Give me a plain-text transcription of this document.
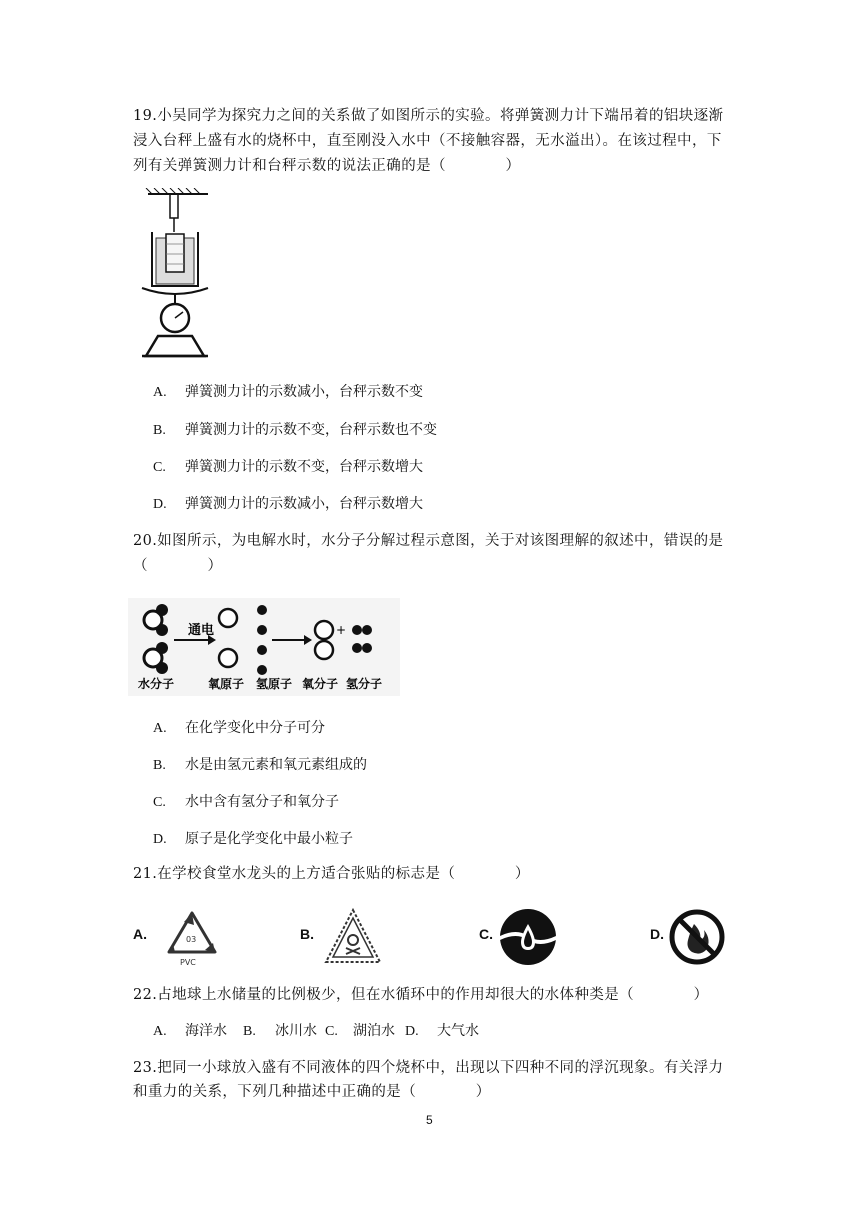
19.小吴同学为探究力之间的关系做了如图所示的实验。将弹簧测力计下端吊着的铝块逐渐
浸入台秤上盛有水的烧杯中，直至刚没入水中（不接触容器，无水溢出）。在该过程中，下
列有关弹簧测力计和台秤示数的说法正确的是（　　　　）
A. 弹簧测力计的示数减小，台秤示数不变
B. 弹簧测力计的示数不变，台秤示数也不变
C. 弹簧测力计的示数不变，台秤示数增大
D. 弹簧测力计的示数减小，台秤示数增大
20.如图所示，为电解水时，水分子分解过程示意图，关于对该图理解的叙述中，错误的是
（　　　　）
通电	+
水分子	氧原子 氢原子 氧分子 氢分子
A. 在化学变化中分子可分
B. 水是由氢元素和氧元素组成的
C. 水中含有氢分子和氧分子
D. 原子是化学变化中最小粒子
21.在学校食堂水龙头的上方适合张贴的标志是（　　　　）
A.	03
PVC
B.	C.	D.
22.占地球上水储量的比例极少，但在水循环中的作用却很大的水体种类是（　　　　）
A. 海洋水 B. 冰川水 C. 湖泊水 D. 大气水
23.把同一小球放入盛有不同液体的四个烧杯中，出现以下四种不同的浮沉现象。有关浮力
和重力的关系，下列几种描述中正确的是（　　　　）
5
